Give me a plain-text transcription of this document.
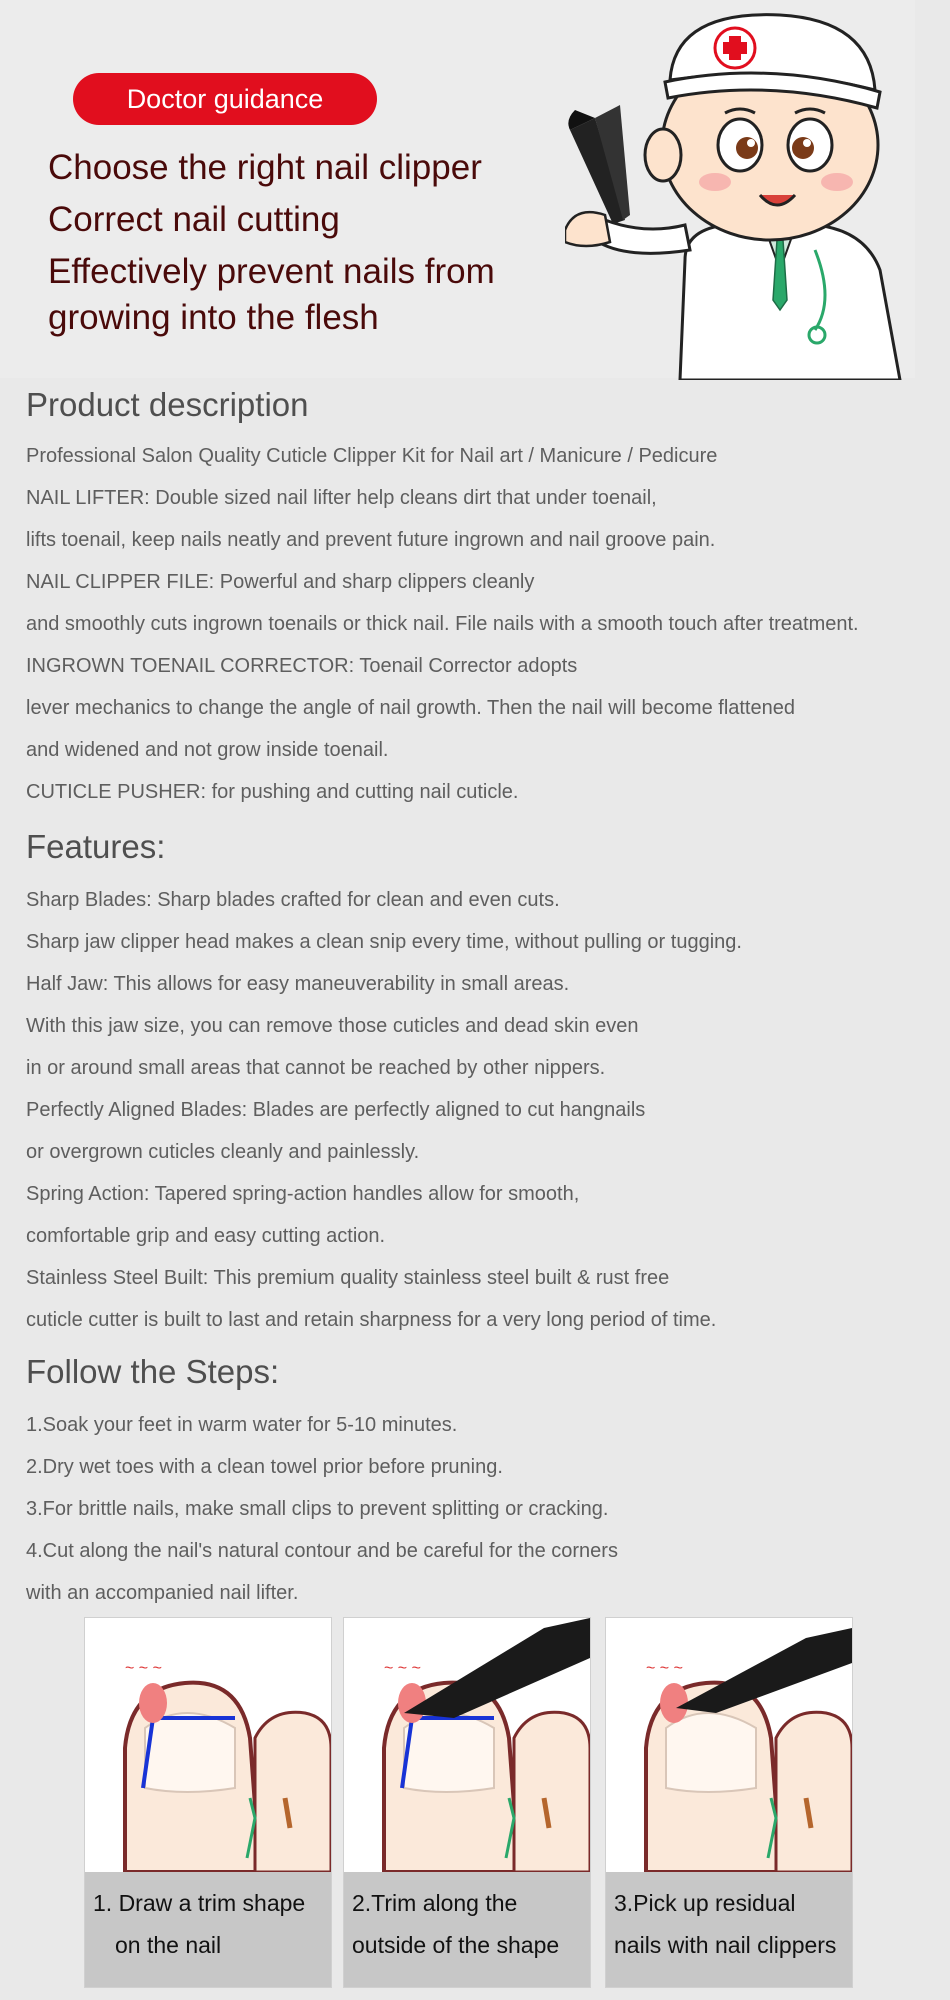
Doctor guidance
Choose the right nail clipper
Correct nail cutting
Effectively prevent nails from
growing into the flesh
Product description
Professional Salon Quality Cuticle Clipper Kit for Nail art / Manicure / Pedicure
NAIL LIFTER: Double sized nail lifter help cleans dirt that under toenail,
lifts toenail, keep nails neatly and prevent future ingrown and nail groove pain.
NAIL CLIPPER FILE: Powerful and sharp clippers cleanly
and smoothly cuts ingrown toenails or thick nail. File nails with a smooth touch after treatment.
INGROWN TOENAIL CORRECTOR: Toenail Corrector adopts
lever mechanics to change the angle of nail growth. Then the nail will become flattened
and widened and not grow inside toenail.
CUTICLE PUSHER: for pushing and cutting nail cuticle.
Features:
Sharp Blades: Sharp blades crafted for clean and even cuts.
Sharp jaw clipper head makes a clean snip every time, without pulling or tugging.
Half Jaw: This allows for easy maneuverability in small areas.
With this jaw size, you can remove those cuticles and dead skin even
in or around small areas that cannot be reached by other nippers.
Perfectly Aligned Blades: Blades are perfectly aligned to cut hangnails
or overgrown cuticles cleanly and painlessly.
Spring Action: Tapered spring-action handles allow for smooth,
comfortable grip and easy cutting action.
Stainless Steel Built: This premium quality stainless steel built & rust free
cuticle cutter is built to last and retain sharpness for a very long period of time.
Follow the Steps:
1.Soak your feet in warm water for 5-10 minutes.
2.Dry wet toes with a clean towel prior before pruning.
3.For brittle nails, make small clips to prevent splitting or cracking.
4.Cut along the nail's natural contour and be careful for the corners
with an accompanied nail lifter.
~ ~ ~
1. Draw a trim shape
on the nail
~ ~ ~
2.Trim along the
outside of the shape
~ ~ ~
3.Pick up residual
nails with nail clippers
